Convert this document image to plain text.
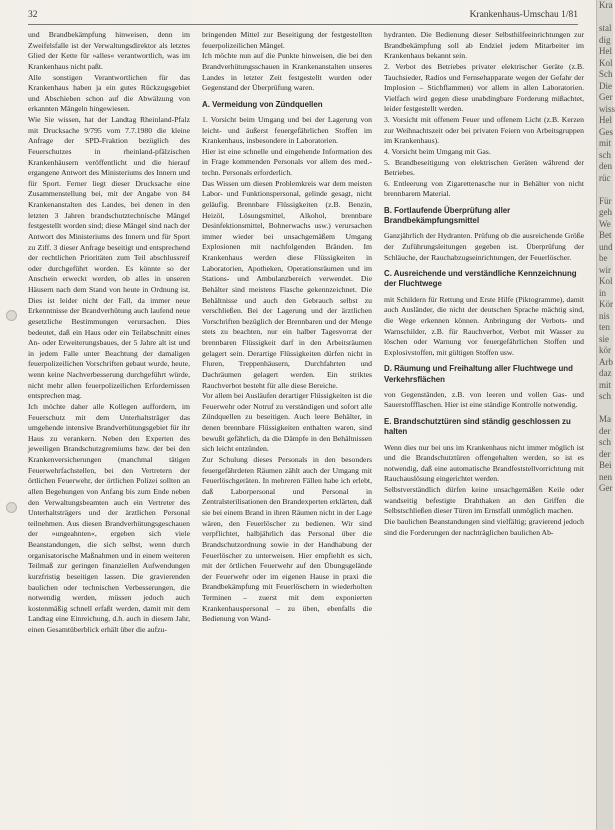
32	Krankenhaus-Umschau 1/81

und Brandbekämpfung hinweisen, denn im Zweifelsfalle ist der Verwaltungsdirektor als letztes Glied der Kette für »alles« verantwortlich, was im Krankenhaus nicht paßt.

Alle sonstigen Verantwortlichen für das Krankenhaus haben ja ein gutes Rückzugsgebiet und Abschieben schon auf die Abwälzung von erkannten Mängeln hingewiesen.

Wie Sie wissen, hat der Landtag Rheinland-Pfalz mit Drucksache 9/795 vom 7.7.1980 die kleine Anfrage der SPD-Fraktion bezüglich des Feuerschutzes in rheinland-pfälzischen Krankenhäusern veröffentlicht und die hierauf ergangene Antwort des Ministeriums des Innern und für Sport. Ferner liegt dieser Drucksache eine Zusammenstellung bei, mit der Angabe von 84 Krankenanstalten des Landes, bei denen in den letzten 3 Jahren brandschutztechnische Mängel festgestellt worden sind; diese Mängel sind nach der Antwort des Ministeriums des Innern und für Sport zu Ziff. 3 dieser Anfrage beseitigt und entsprechend der rechtlichen Prioritäten zum Teil abschlussreif oder durchgeführt worden. Es könnte so der Anschein erweckt werden, ob alles in unseren Häusern nach dem Stand von heute in Ordnung ist. Dies ist leider nicht der Fall, da immer neue Erkenntnisse der Brandverhütung auch laufend neue gesetzliche Bestimmungen verursachen. Dies bedeutet, daß ein Haus oder ein Teilabschnitt eines An- oder Erweiterungsbaues, der 5 Jahre alt ist und in jedem Falle unter Beachtung der damaligen feuerpolizeilichen Vorschriften gebaut wurde, heute, wenn keine Nachverbesserung durchgeführt würde, nicht mehr allen feuerpolizeilichen Erfordernissen entsprechen mag.

Ich möchte daher alle Kollegen auffordern, im Feuerschutz mit dem Unterhaltsträger das umgehende intensive Brandverhütungsgebiet für ihr Haus zu verankern. Neben den Experten des jeweiligen Brandschutzgremiums bzw. der bei den Krankenversicherungen (manchmal tätigen Feuerwehrfachstellen, bei den Vertretern der örtlichen Feuerwehr, der örtlichen Polizei sollten an allen Begehungen von Anfang bis zum Ende neben den Verwaltungsbeamten auch ein Vertreter des Unterhaltsträgers und der ärztlichen Personal teilnehmen. Aus diesen Brandverhütungsgeschauen der »ungeahnten«, ergeben sich viele Beanstandungen, die sich selbst, wenn durch organisatorische Maßnahmen und in einem weiteren Teilmaß zur geringen finanziellen Aufwendungen kurzfristig beseitigen lassen. Die gravierenden baulichen oder technischen Verbesserungen, die notwendig werden, müssen jedoch auch kostenmäßig schnell erfaßt werden, damit mit dem Landtag eine Einreichung, d.h. auch in diesem Jahr, einen Gesamtüberblick erhält über die aufzu-

bringenden Mittel zur Beseitigung der festgestellten feuerpolizeilichen Mängel.

Ich möchte nun auf die Punkte hinweisen, die bei den Brandverhütungsschauen in Krankenanstalten unseres Landes in letzter Zeit festgestellt wurden oder Gegenstand der Überprüfung waren.

A. Vermeidung von Zündquellen

1. Vorsicht beim Umgang und bei der Lagerung von leicht- und äußerst feuergefährlichen Stoffen im Krankenhaus, insbesondere in Laboratorien.

Hier ist eine schnelle und eingehende Information des in Frage kommenden Personals vor allem des med.-techn. Personals erforderlich.

Das Wissen um diesen Problemkreis war dem meisten Labor- und Funktionspersonal, gelinde gesagt, nicht geläufig. Brennbare Flüssigkeiten (z.B. Benzin, Heizöl, Lösungsmittel, Alkohol, brennbare Desinfektionsmittel, Bohnerwachs usw.) verursachen immer wieder bei unsachgemäßem Umgang Explosionen mit nachfolgenden Bränden. Im Krankenhaus werden diese Flüssigkeiten in Laboratorien, Apotheken, Operationsräumen und im Stations- und Ambulanzbereich verwendet. Die Behälter sind meistens Flasche gekennzeichnet. Die Behältnisse und auch den Gebrauch selbst zu verschließen. Bei der Lagerung und der ärztlichen Vorschriften bezüglich der Brennbaren und der Menge stets zu beachten, nur ein halber Tagesvorrat der brennbaren Flüssigkeit darf in den Arbeitsräumen gelagert sein. Derartige Flüssigkeiten dürfen nicht in Fluren, Treppenhäusern, Durchfahrten und Dachräumen gelagert werden. Ein striktes Rauchverbot besteht für alle diese Bereiche.

Vor allem bei Ausläufen derartiger Flüssigkeiten ist die Feuerwehr oder Notruf zu verständigen und sofort alle Zündquellen zu beseitigen. Auch leere Behälter, in denen brennbare Flüssigkeiten enthalten waren, sind bewußt gefährlich, da die Dämpfe in den Behältnissen sich leicht entzünden.

Zur Schulung dieses Personals in den besonders feuergefährdeten Räumen zählt auch der Umgang mit Feuerlöschgeräten. In mehreren Fällen habe ich erlebt, daß Laborpersonal und Personal in Zentralsterilisationen den Brandexperten erklärten, daß sie bei einem Brand in ihren Räumen nicht in der Lage wären, den Feuerlöscher zu bedienen. Wir sind verpflichtet, halbjährlich das Personal über die Brandschutzordnung sowie in der Handhabung der Feuerlöscher zu unterweisen. Hier empfiehlt es sich, mit der örtlichen Feuerwehr auf den Übungsgelände der Feuerwehr oder im eigenen Hause in praxi die Brandbekämpfung mit Feuerlöschern in wiederholten Terminen – zuerst mit dem exponierten Krankenhauspersonal – zu üben, ebenfalls die Bedienung von Wand-

hydranten. Die Bedienung dieser Selbsthilfeeinrichtungen zur Brandbekämpfung soll ab Endziel jedem Mitarbeiter im Krankenhaus bekannt sein.

2. Verbot des Betriebes privater elektrischer Geräte (z.B. Tauchsieder, Radios und Fernsehapparate wegen der Gefahr der Implosion – Stichflammen) vor allem in allen Laboratorien. Vielfach wird gegen diese unabdingbare Forderung mißachtet, leider festgestellt werden.

3. Vorsicht mit offenem Feuer und offenem Licht (z.B. Kerzen zur Weihnachtszeit oder bei privaten Feiern von Arbeitsgruppen im Krankenhaus).

4. Vorsicht beim Umgang mit Gas.

5. Brandbeseitigung von elektrischen Geräten während der Betriebes.

6. Entleerung von Zigarettenasche nur in Behälter von nicht brennbarem Material.

B. Fortlaufende Überprüfung aller Brandbekämpfungsmittel

Ganzjährlich der Hydranten. Prüfung ob die ausreichende Größe der Zuführungsleitungen gegeben ist. Überprüfung der Schläuche, der Rauchabzugseinrichtungen, der Feuerlöscher.

C. Ausreichende und verständliche Kennzeichnung der Fluchtwege

mit Schildern für Rettung und Erste Hilfe (Piktogramme), damit auch Ausländer, die nicht der deutschen Sprache mächtig sind, die Wege erkennen können. Anbringung der Verbots- und Warnschilder, z.B. für Rauchverbot, Verbot mit Wasser zu löschen oder Warnung vor feuergefährlichen Stoffen und Explosivstoffen, mit gültigen Stoffen usw.

D. Räumung und Freihaltung aller Fluchtwege und Verkehrsflächen

von Gegenständen, z.B. von leeren und vollen Gas- und Sauerstoffflaschen. Hier ist eine ständige Kontrolle notwendig.

E. Brandschutztüren sind ständig geschlossen zu halten

Wenn dies nur bei uns im Krankenhaus nicht immer möglich ist und die Brandschutztüren offengehalten werden, so ist es notwendig, daß eine automatische Brandfeststellvorrichtung mit Rauchauslösung eingerichtet werden.

Selbstverständlich dürfen keine unsachgemäßen Keile oder wandseitig befestigte Drahthaken an den Griffen die Selbstschließen dieser Türen im Ernstfall unmöglich machen.

Die baulichen Beanstandungen sind vielfältig; gravierend jedoch sind die Forderungen der nachträglichen baulichen Ab-

Kra

stal
dig
Hel
Kol
Sch
Die
Ger
wiss
Hel
Ges
mit
sch
den
rüc

Für
geh
We
Bet
und
be
wir
Kol
in
Kör
nis
ten
sie
kör
Arb
daz
mit
sch

Ma
der
sch
der
Bei
nen
Ger
